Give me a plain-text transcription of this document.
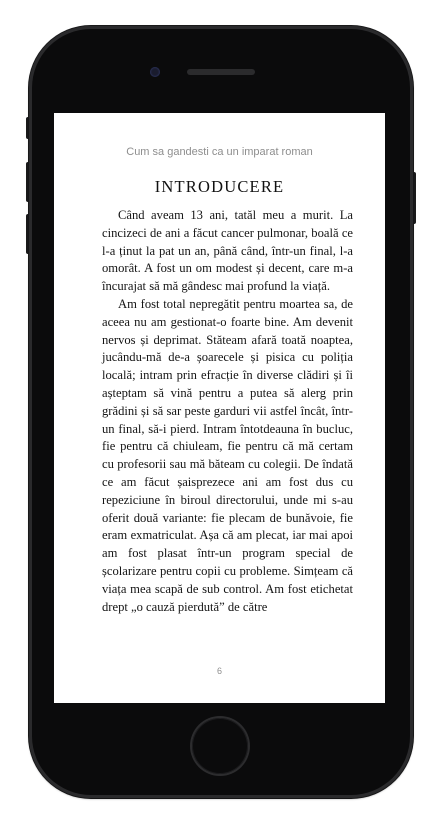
Cum sa gandesti ca un imparat roman
INTRODUCERE

Când aveam 13 ani, tatăl meu a murit. La cincizeci de ani a făcut cancer pulmonar, boală ce l-a ținut la pat un an, până când, într-un final, l-a omorât. A fost un om modest și decent, care m-a încurajat să mă gândesc mai profund la viață.

Am fost total nepregătit pentru moartea sa, de aceea nu am gestionat-o foarte bine. Am devenit nervos și deprimat. Stăteam afară toată noaptea, jucându-mă de-a șoarecele și pisica cu poliția locală; intram prin efracție în diverse clădiri și îi așteptam să vină pentru a putea să alerg prin grădini și să sar peste garduri vii astfel încât, într-un final, să-i pierd. Intram întotdeauna în bucluc, fie pentru că chiuleam, fie pentru că mă certam cu profesorii sau mă băteam cu colegii. De îndată ce am făcut șaisprezece ani am fost dus cu repeziciune în biroul directorului, unde mi s-au oferit două variante: fie plecam de bunăvoie, fie eram exmatriculat. Așa că am plecat, iar mai apoi am fost plasat într-un program special de școlarizare pentru copii cu probleme. Simțeam că viața mea scapă de sub control. Am fost etichetat drept „o cauză pierdută” de către

6
